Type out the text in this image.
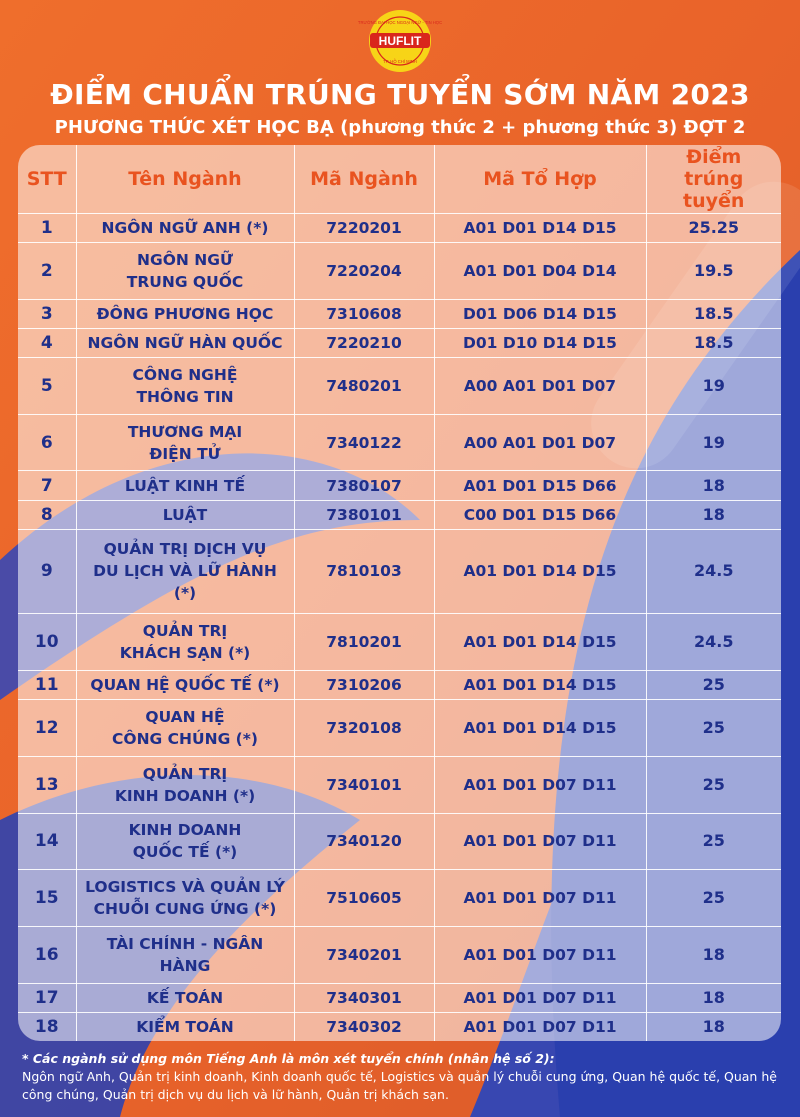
HUFLIT
TRƯỜNG ĐẠI HỌC NGOẠI NGỮ - TIN HỌC
TP. HỒ CHÍ MINH
ĐIỂM CHUẨN TRÚNG TUYỂN SỚM NĂM 2023
PHƯƠNG THỨC XÉT HỌC BẠ (phương thức 2 + phương thức 3) ĐỢT 2
STT	Tên Ngành	Mã Ngành	Mã Tổ Hợp	Điểm
trúng tuyển

1	NGÔN NGỮ ANH (*)	7220201	A01 D01 D14 D15	25.25
2	NGÔN NGỮ
TRUNG QUỐC	7220204	A01 D01 D04 D14	19.5
3	ĐÔNG PHƯƠNG HỌC	7310608	D01 D06 D14 D15	18.5
4	NGÔN NGỮ HÀN QUỐC	7220210	D01 D10 D14 D15	18.5
5	CÔNG NGHỆ
THÔNG TIN	7480201	A00 A01 D01 D07	19
6	THƯƠNG MẠI
ĐIỆN TỬ	7340122	A00 A01 D01 D07	19
7	LUẬT KINH TẾ	7380107	A01 D01 D15 D66	18
8	LUẬT	7380101	C00 D01 D15 D66	18
9	QUẢN TRỊ DỊCH VỤ
DU LỊCH VÀ LỮ HÀNH (*)	7810103	A01 D01 D14 D15	24.5
10	QUẢN TRỊ
KHÁCH SẠN (*)	7810201	A01 D01 D14 D15	24.5
11	QUAN HỆ QUỐC TẾ (*)	7310206	A01 D01 D14 D15	25
12	QUAN HỆ
CÔNG CHÚNG (*)	7320108	A01 D01 D14 D15	25
13	QUẢN TRỊ
KINH DOANH (*)	7340101	A01 D01 D07 D11	25
14	KINH DOANH
QUỐC TẾ (*)	7340120	A01 D01 D07 D11	25
15	LOGISTICS VÀ QUẢN LÝ
CHUỖI CUNG ỨNG (*)	7510605	A01 D01 D07 D11	25
16	TÀI CHÍNH - NGÂN HÀNG	7340201	A01 D01 D07 D11	18
17	KẾ TOÁN	7340301	A01 D01 D07 D11	18
18	KIỂM TOÁN	7340302	A01 D01 D07 D11	18
* Các ngành sử dụng môn Tiếng Anh là môn xét tuyển chính (nhân hệ số 2):
Ngôn ngữ Anh, Quản trị kinh doanh, Kinh doanh quốc tế, Logistics và quản lý chuỗi cung ứng, Quan hệ quốc tế, Quan hệ công chúng, Quản trị dịch vụ du lịch và lữ hành, Quản trị khách sạn.
